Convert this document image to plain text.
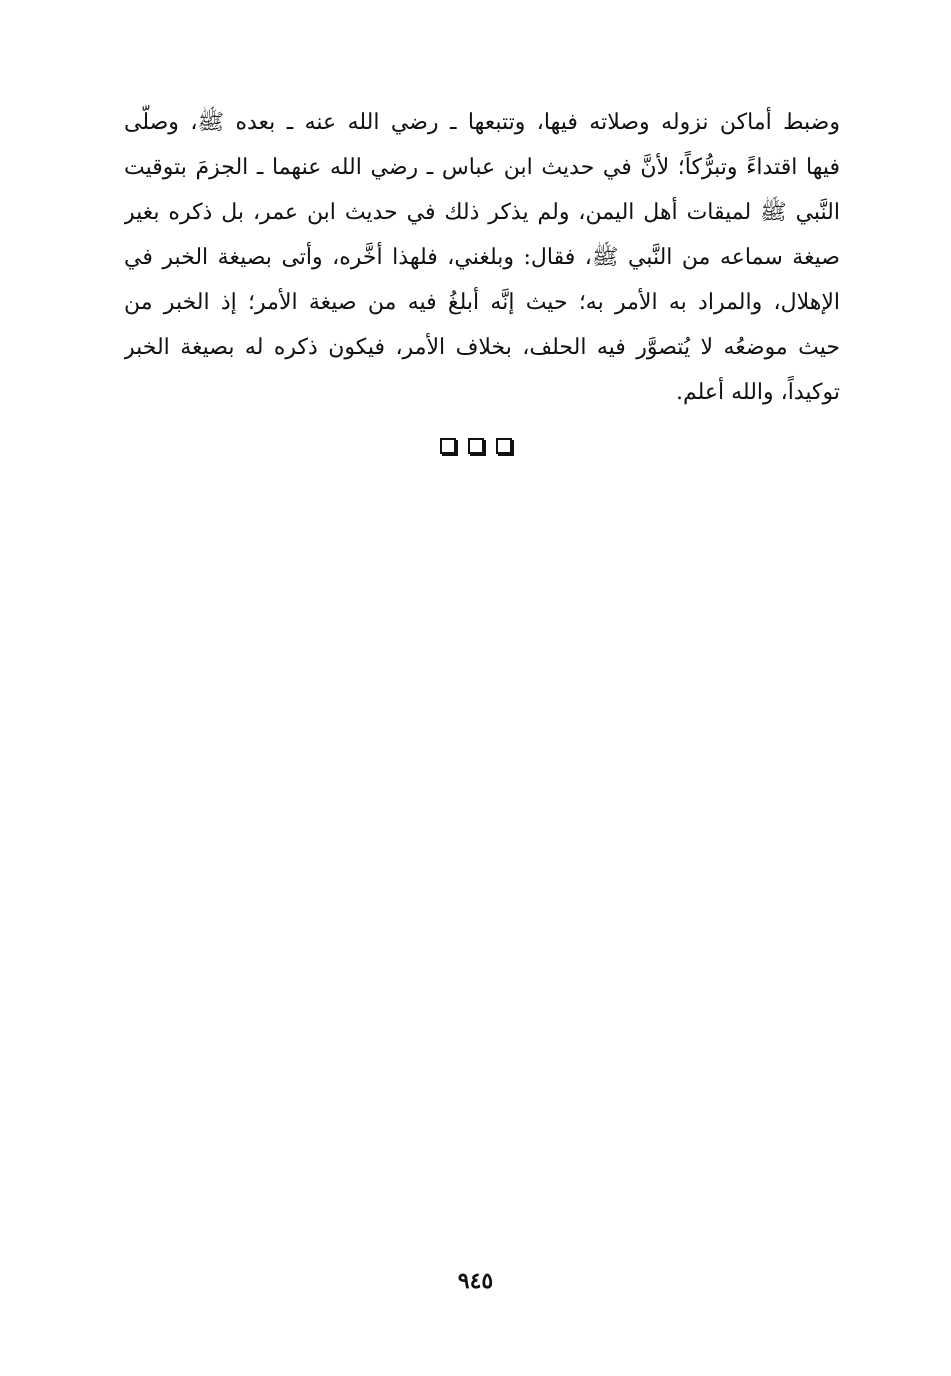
وضبط أماكن نزوله وصلاته فيها، وتتبعها ـ رضي الله عنه ـ بعده ﷺ، وصلّى
فيها اقتداءً وتبرُّكاً؛ لأنَّ في حديث ابن عباس ـ رضي الله عنهما ـ الجزمَ بتوقيت
النَّبي ﷺ لميقات أهل اليمن، ولم يذكر ذلك في حديث ابن عمر، بل ذكره بغير
صيغة سماعه من النَّبي ﷺ، فقال: وبلغني، فلهذا أخَّره، وأتى بصيغة الخبر في
الإهلال، والمراد به الأمر به؛ حيث إنَّه أبلغُ فيه من صيغة الأمر؛ إذ الخبر من
حيث موضعُه لا يُتصوَّر فيه الحلف، بخلاف الأمر، فيكون ذكره له بصيغة الخبر
توكيداً، والله أعلم.
٩٤٥
